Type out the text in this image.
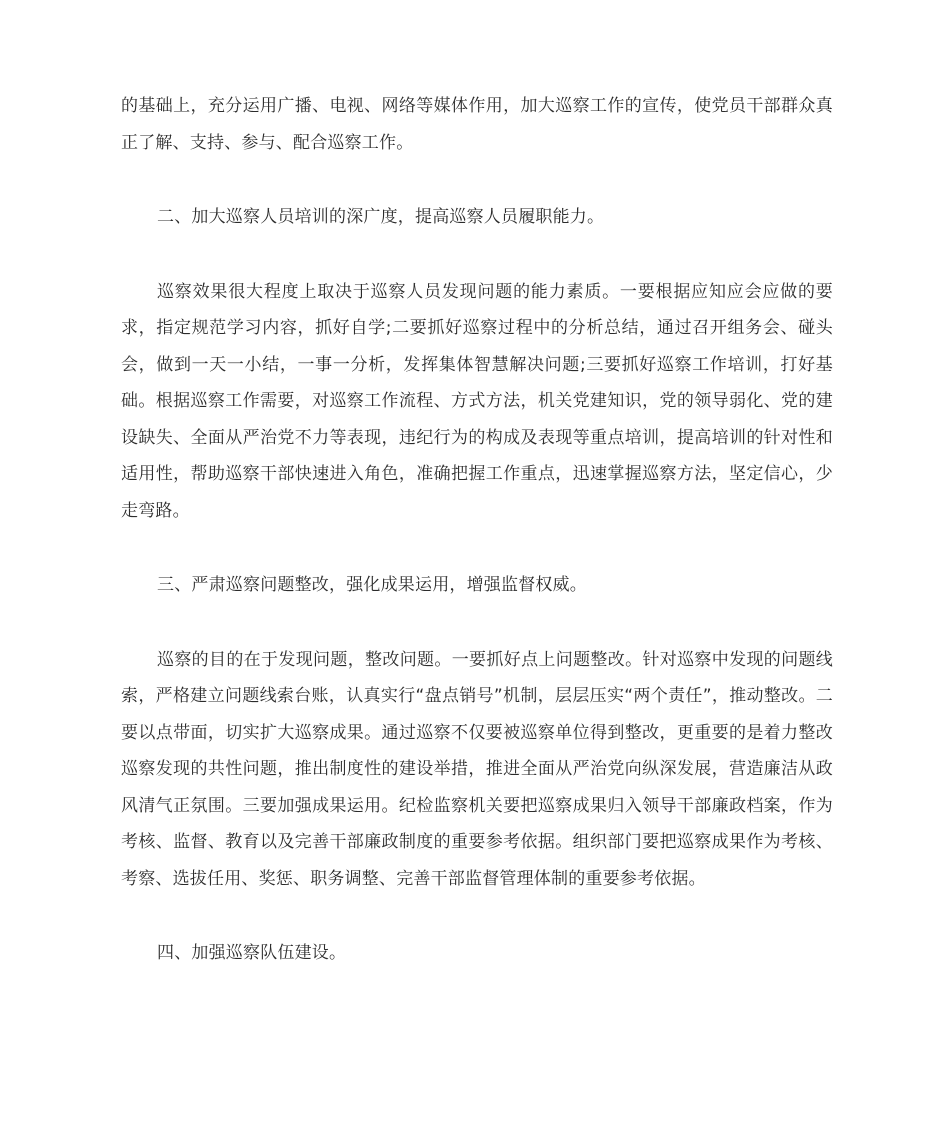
的基础上，充分运用广播、电视、网络等媒体作用，加大巡察工作的宣传，使党员干部群众真正了解、支持、参与、配合巡察工作。

二、加大巡察人员培训的深广度，提高巡察人员履职能力。

巡察效果很大程度上取决于巡察人员发现问题的能力素质。一要根据应知应会应做的要求，指定规范学习内容，抓好自学;二要抓好巡察过程中的分析总结，通过召开组务会、碰头会，做到一天一小结，一事一分析，发挥集体智慧解决问题;三要抓好巡察工作培训，打好基础。根据巡察工作需要，对巡察工作流程、方式方法，机关党建知识，党的领导弱化、党的建设缺失、全面从严治党不力等表现，违纪行为的构成及表现等重点培训，提高培训的针对性和适用性，帮助巡察干部快速进入角色，准确把握工作重点，迅速掌握巡察方法，坚定信心，少走弯路。

三、严肃巡察问题整改，强化成果运用，增强监督权威。

巡察的目的在于发现问题，整改问题。一要抓好点上问题整改。针对巡察中发现的问题线索，严格建立问题线索台账，认真实行“盘点销号”机制，层层压实“两个责任”，推动整改。二要以点带面，切实扩大巡察成果。通过巡察不仅要被巡察单位得到整改，更重要的是着力整改巡察发现的共性问题，推出制度性的建设举措，推进全面从严治党向纵深发展，营造廉洁从政风清气正氛围。三要加强成果运用。纪检监察机关要把巡察成果归入领导干部廉政档案，作为考核、监督、教育以及完善干部廉政制度的重要参考依据。组织部门要把巡察成果作为考核、考察、选拔任用、奖惩、职务调整、完善干部监督管理体制的重要参考依据。

四、加强巡察队伍建设。
